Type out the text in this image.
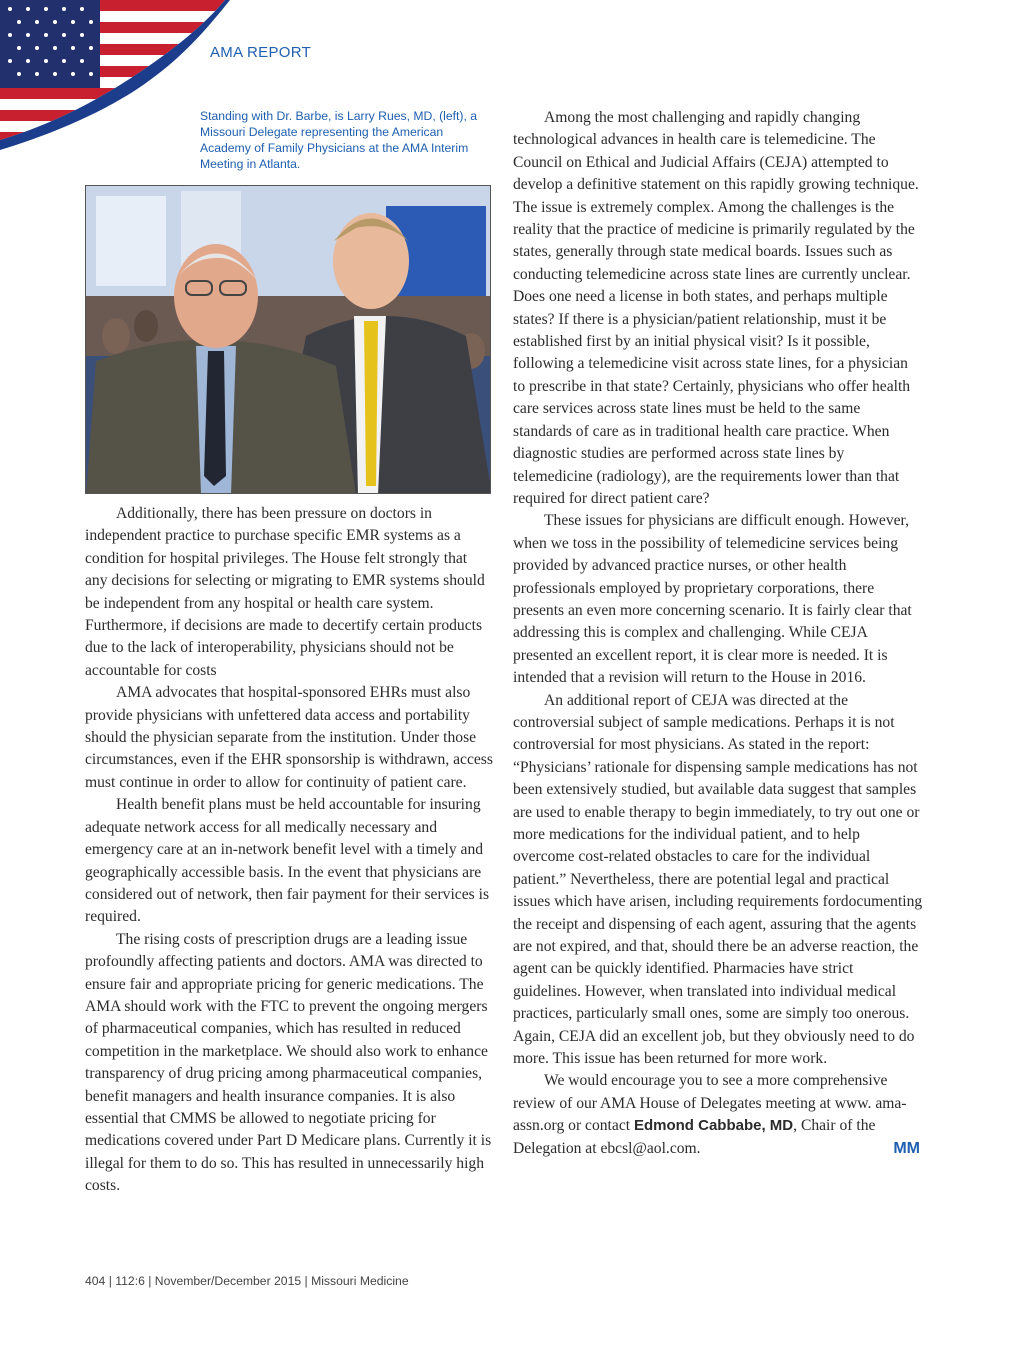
AMA REPORT
Standing with Dr. Barbe, is Larry Rues, MD, (left), a Missouri Delegate representing the American Academy of Family Physicians at the AMA Interim Meeting in Atlanta.

Additionally, there has been pressure on doctors in independent practice to purchase specific EMR systems as a condition for hospital privileges. The House felt strongly that any decisions for selecting or migrating to EMR systems should be independent from any hospital or health care system. Furthermore, if decisions are made to decertify certain products due to the lack of interoperability, physicians should not be accountable for costs

AMA advocates that hospital-sponsored EHRs must also provide physicians with unfettered data access and portability should the physician separate from the institution. Under those circumstances, even if the EHR sponsorship is withdrawn, access must continue in order to allow for continuity of patient care.

Health benefit plans must be held accountable for insuring adequate network access for all medically necessary and emergency care at an in-network benefit level with a timely and geographically accessible basis. In the event that physicians are considered out of network, then fair payment for their services is required.

The rising costs of prescription drugs are a leading issue profoundly affecting patients and doctors. AMA was directed to ensure fair and appropriate pricing for generic medications. The AMA should work with the FTC to prevent the ongoing mergers of pharmaceutical companies, which has resulted in reduced competition in the marketplace. We should also work to enhance transparency of drug pricing among pharmaceutical companies, benefit managers and health insurance companies. It is also essential that CMMS be allowed to negotiate pricing for medications covered under Part D Medicare plans. Currently it is illegal for them to do so. This has resulted in unnecessarily high costs.

Among the most challenging and rapidly changing technological advances in health care is telemedicine. The Council on Ethical and Judicial Affairs (CEJA) attempted to develop a definitive statement on this rapidly growing technique. The issue is extremely complex. Among the challenges is the reality that the practice of medicine is primarily regulated by the states, generally through state medical boards. Issues such as conducting telemedicine across state lines are currently unclear. Does one need a license in both states, and perhaps multiple states? If there is a physician/patient relationship, must it be established first by an initial physical visit? Is it possible, following a telemedicine visit across state lines, for a physician to prescribe in that state? Certainly, physicians who offer health care services across state lines must be held to the same standards of care as in traditional health care practice. When diagnostic studies are performed across state lines by telemedicine (radiology), are the requirements lower than that required for direct patient care?

These issues for physicians are difficult enough. However, when we toss in the possibility of telemedicine services being provided by advanced practice nurses, or other health professionals employed by proprietary corporations, there presents an even more concerning scenario. It is fairly clear that addressing this is complex and challenging. While CEJA presented an excellent report, it is clear more is needed. It is intended that a revision will return to the House in 2016.

An additional report of CEJA was directed at the controversial subject of sample medications. Perhaps it is not controversial for most physicians. As stated in the report: “Physicians’ rationale for dispensing sample medications has not been extensively studied, but available data suggest that samples are used to enable therapy to begin immediately, to try out one or more medications for the individual patient, and to help overcome cost-related obstacles to care for the individual patient.” Nevertheless, there are potential legal and practical issues which have arisen, including requirements fordocumenting the receipt and dispensing of each agent, assuring that the agents are not expired, and that, should there be an adverse reaction, the agent can be quickly identified. Pharmacies have strict guidelines. However, when translated into individual medical practices, particularly small ones, some are simply too onerous. Again, CEJA did an excellent job, but they obviously need to do more. This issue has been returned for more work.

We would encourage you to see a more comprehensive review of our AMA House of Delegates meeting at www. ama-assn.org or contact Edmond Cabbabe, MD, Chair of the Delegation at ebcsl@aol.com.	MM

404 | 112:6 | November/December 2015 | Missouri Medicine
